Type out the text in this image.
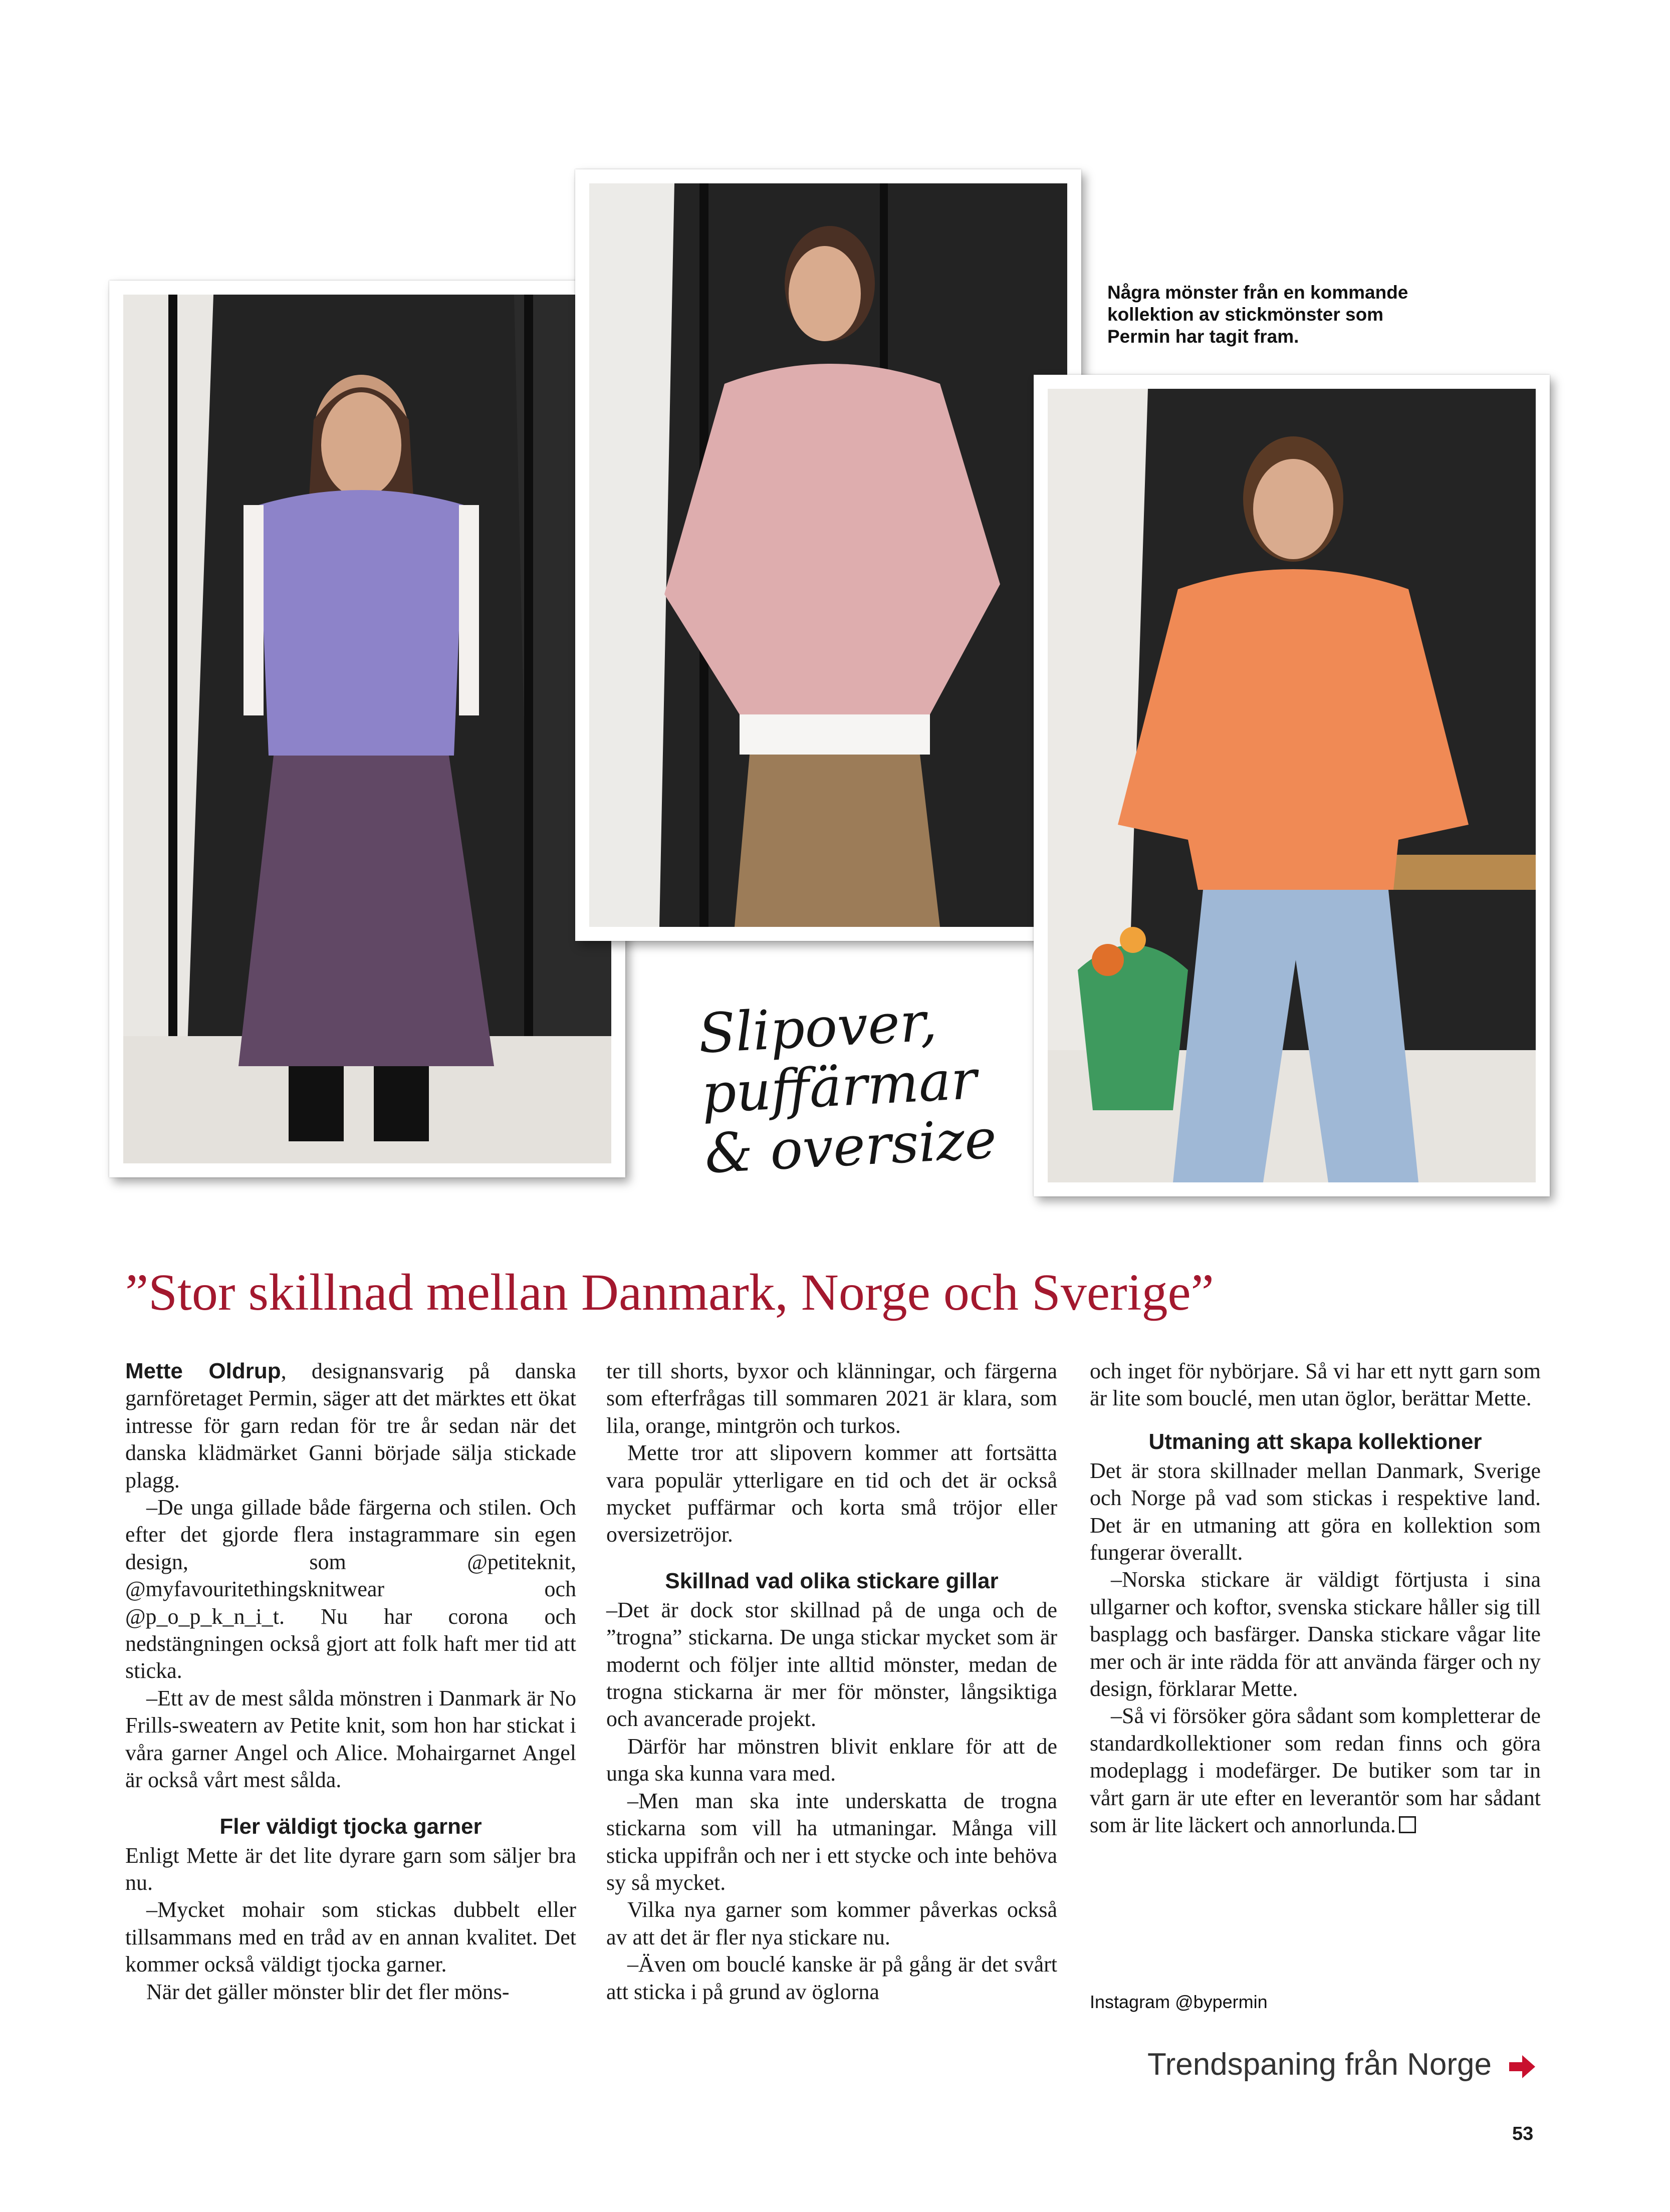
Några mönster från en kommande kollektion av stickmönster som Permin har tagit fram.
Slipover,
puffärmar
& oversize
”Stor skillnad mellan Danmark, Norge och Sverige”

Mette Oldrup, designansvarig på danska garnföretaget Permin, säger att det märktes ett ökat intresse för garn redan för tre år sedan när det danska klädmärket Ganni började sälja stickade plagg.

–De unga gillade både färgerna och stilen. Och efter det gjorde flera instagrammare sin egen design, som @petiteknit, @myfavouritethingsknitwear och @p_o_p_k_n_i_t. Nu har corona och nedstängningen också gjort att folk haft mer tid att sticka.

–Ett av de mest sålda mönstren i Danmark är No Frills-sweatern av Petite knit, som hon har stickat i våra garner Angel och Alice. Mohairgarnet Angel är också vårt mest sålda.

Fler väldigt tjocka garner

Enligt Mette är det lite dyrare garn som säljer bra nu.

–Mycket mohair som stickas dubbelt eller tillsammans med en tråd av en annan kvalitet. Det kommer också väldigt tjocka garner.

När det gäller mönster blir det fler möns-

ter till shorts, byxor och klänningar, och färgerna som efterfrågas till sommaren 2021 är klara, som lila, orange, mintgrön och turkos.

Mette tror att slipovern kommer att fortsätta vara populär ytterligare en tid och det är också mycket puffärmar och korta små tröjor eller oversizetröjor.

Skillnad vad olika stickare gillar

–Det är dock stor skillnad på de unga och de ”trogna” stickarna. De unga stickar mycket som är modernt och följer inte alltid mönster, medan de trogna stickarna är mer för mönster, långsiktiga och avancerade projekt.

Därför har mönstren blivit enklare för att de unga ska kunna vara med.

–Men man ska inte underskatta de trogna stickarna som vill ha utmaningar. Många vill sticka uppifrån och ner i ett stycke och inte behöva sy så mycket.

Vilka nya garner som kommer påverkas också av att det är fler nya stickare nu.

–Även om bouclé kanske är på gång är det svårt att sticka i på grund av öglorna

och inget för nybörjare. Så vi har ett nytt garn som är lite som bouclé, men utan öglor, berättar Mette.

Utmaning att skapa kollektioner

Det är stora skillnader mellan Danmark, Sverige och Norge på vad som stickas i respektive land. Det är en utmaning att göra en kollektion som fungerar överallt.

–Norska stickare är väldigt förtjusta i sina ullgarner och koftor, svenska stickare håller sig till basplagg och basfärger. Danska stickare vågar lite mer och är inte rädda för att använda färger och ny design, förklarar Mette.

–Så vi försöker göra sådant som kompletterar de standardkollektioner som redan finns och göra modeplagg i modefärger. De butiker som tar in vårt garn är ute efter en leverantör som har sådant som är lite läckert och annorlunda.

Instagram @bypermin
Trendspaning från Norge
53
